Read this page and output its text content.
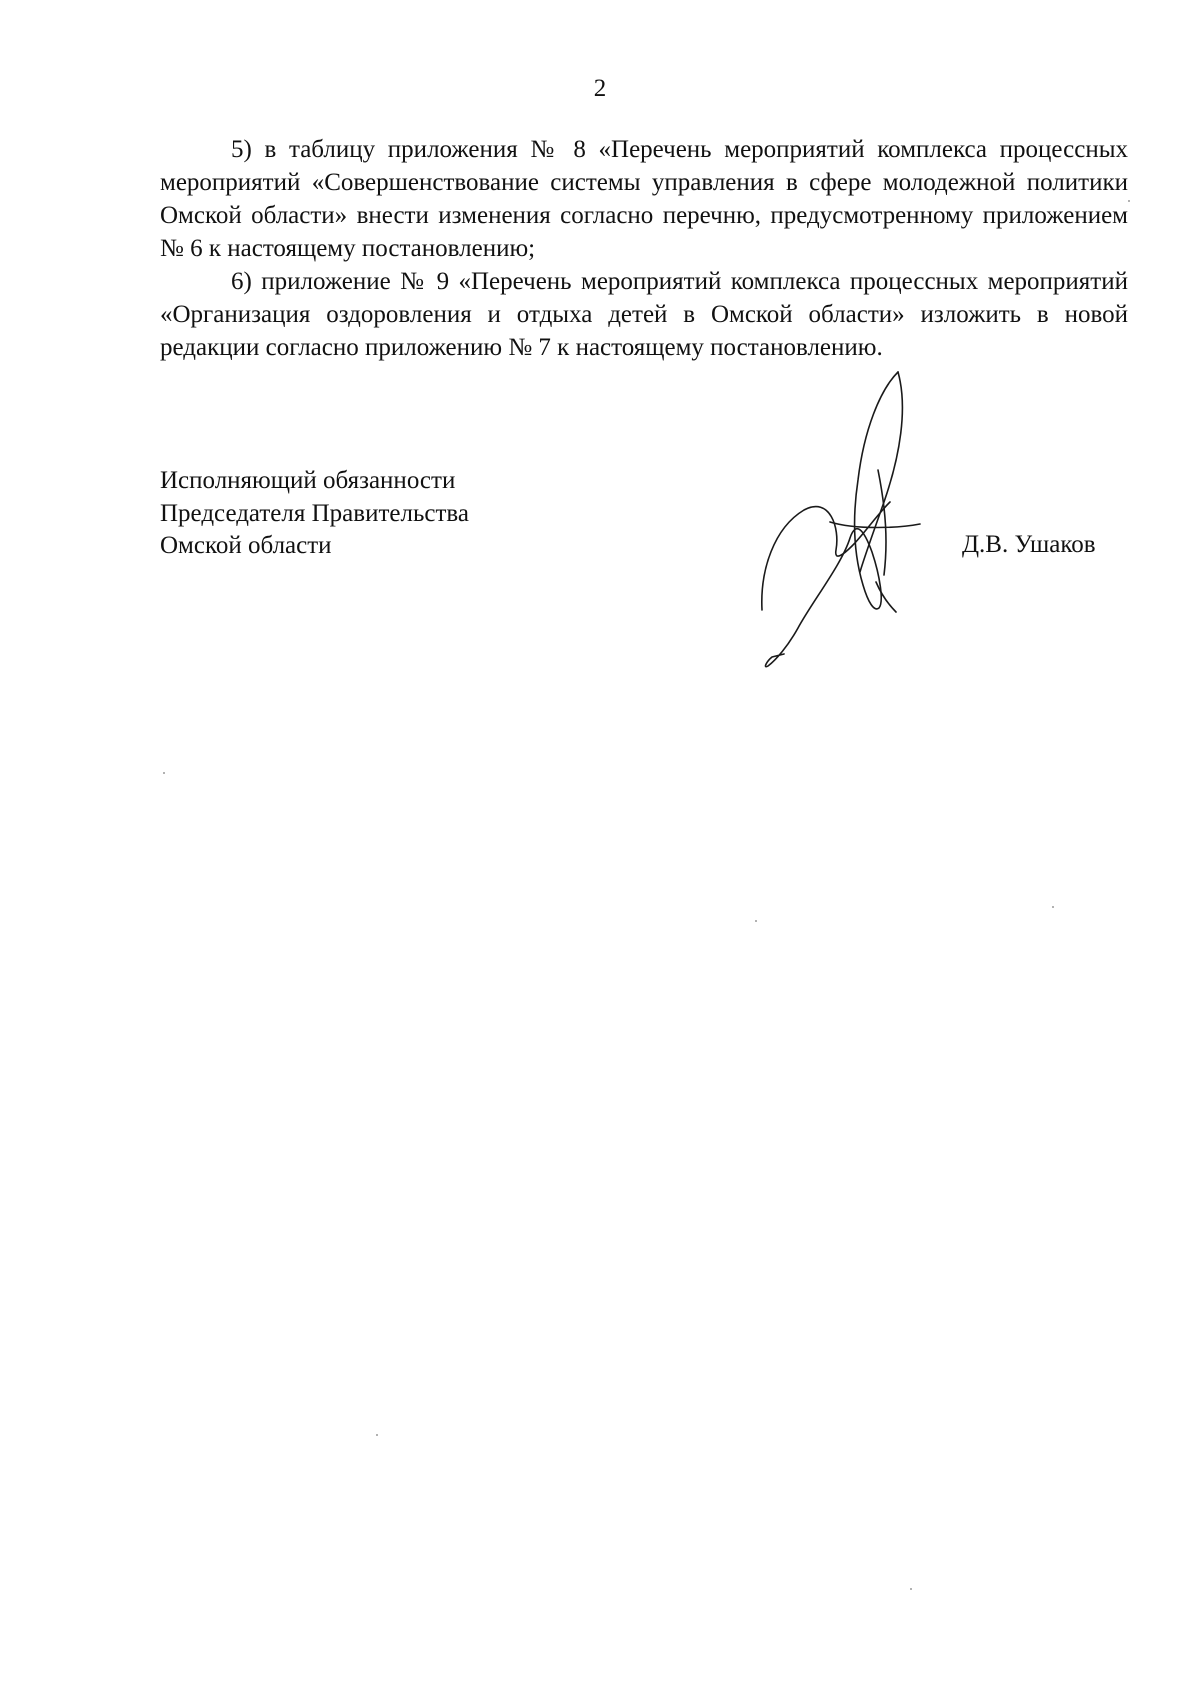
2

5) в таблицу приложения № 8 «Перечень мероприятий комплекса процессных мероприятий «Совершенствование системы управления в сфере молодежной политики Омской области» внести изменения согласно перечню, предусмотренному приложением № 6 к настоящему постановлению;

6) приложение № 9 «Перечень мероприятий комплекса процессных мероприятий «Организация оздоровления и отдыха детей в Омской области» изложить в новой редакции согласно приложению № 7 к настоящему постановлению.

Исполняющий обязанности
Председателя Правительства
Омской области	Д.В. Ушаков
